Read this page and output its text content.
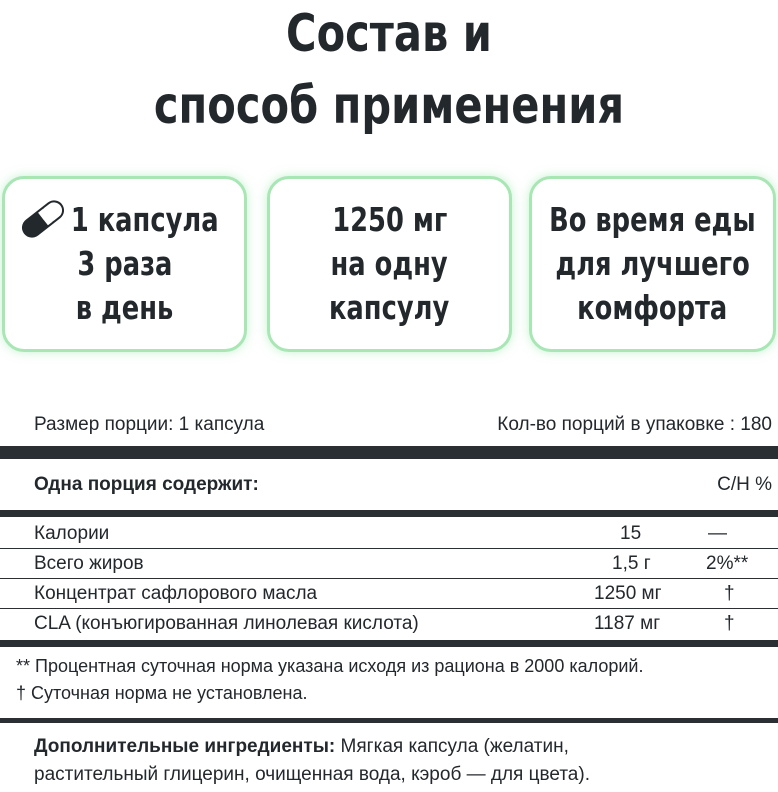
Состав и
способ применения
1 капсула
3 раза
в день
1250 мг
на одну
капсулу
Во время еды
для лучшего
комфорта
Размер порции: 1 капсула	Кол-во порций в упаковке : 180
Одна порция содержит:	С/Н %
Калории	15	—
Всего жиров	1,5 г	2%**
Концентрат сафлорового масла	1250 мг	†
CLA (конъюгированная линолевая кислота)	1187 мг	†
** Процентная суточная норма указана исходя из рациона в 2000 калорий.
† Суточная норма не установлена.
Дополнительные ингредиенты: Мягкая капсула (желатин,
растительный глицерин, очищенная вода, кэроб — для цвета).
